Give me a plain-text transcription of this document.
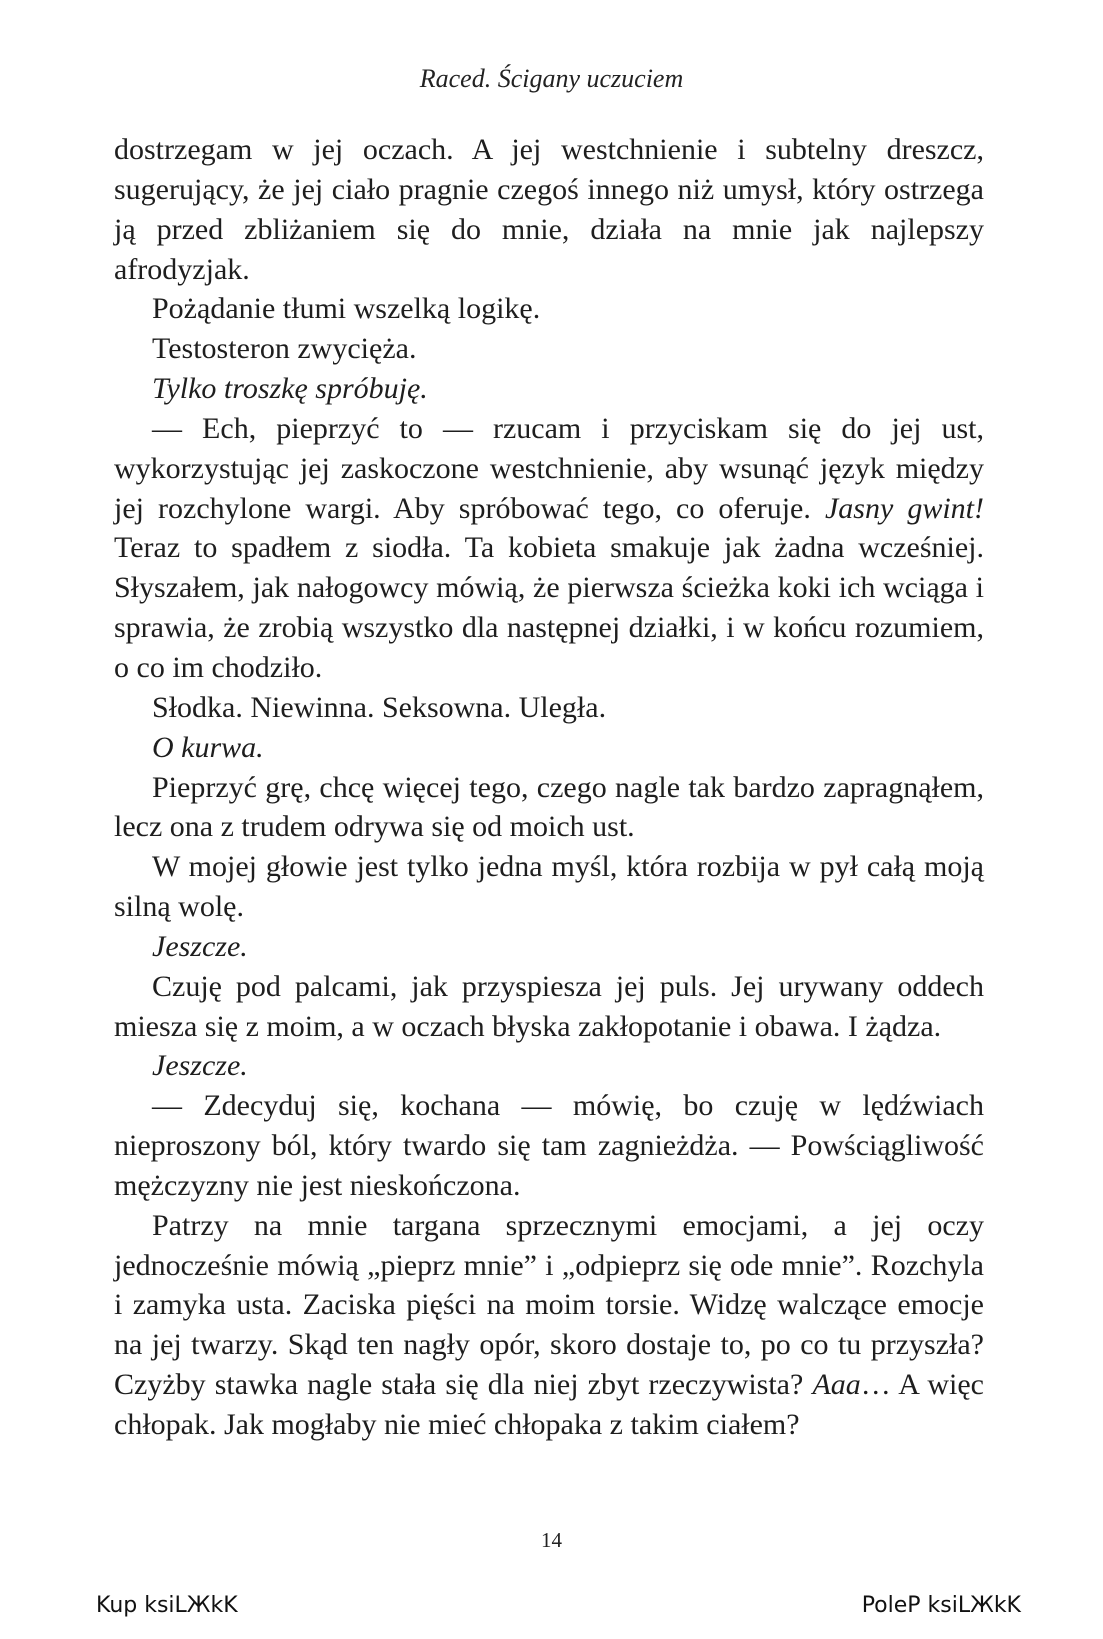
Raced. Ścigany uczuciem

dostrzegam w jej oczach. A jej westchnienie i subtelny dreszcz, sugerujący, że jej ciało pragnie czegoś innego niż umysł, który ostrzega ją przed zbliżaniem się do mnie, działa na mnie jak najlepszy afrodyzjak.

Pożądanie tłumi wszelką logikę.

Testosteron zwycięża.

Tylko troszkę spróbuję.

— Ech, pieprzyć to — rzucam i przyciskam się do jej ust, wykorzystując jej zaskoczone westchnienie, aby wsunąć język między jej rozchylone wargi. Aby spróbować tego, co oferuje. Jasny gwint! Teraz to spadłem z siodła. Ta kobieta smakuje jak żadna wcześniej. Słyszałem, jak nałogowcy mówią, że pierwsza ścieżka koki ich wciąga i sprawia, że zrobią wszystko dla następnej działki, i w końcu rozumiem, o co im chodziło.

Słodka. Niewinna. Seksowna. Uległa.

O kurwa.

Pieprzyć grę, chcę więcej tego, czego nagle tak bardzo zapragnąłem, lecz ona z trudem odrywa się od moich ust.

W mojej głowie jest tylko jedna myśl, która rozbija w pył całą moją silną wolę.

Jeszcze.

Czuję pod palcami, jak przyspiesza jej puls. Jej urywany oddech miesza się z moim, a w oczach błyska zakłopotanie i obawa. I żądza.

Jeszcze.

— Zdecyduj się, kochana — mówię, bo czuję w lędźwiach nieproszony ból, który twardo się tam zagnieżdża. — Powściągliwość mężczyzny nie jest nieskończona.

Patrzy na mnie targana sprzecznymi emocjami, a jej oczy jednocześnie mówią „pieprz mnie” i „odpieprz się ode mnie”. Rozchyla i zamyka usta. Zaciska pięści na moim torsie. Widzę walczące emocje na jej twarzy. Skąd ten nagły opór, skoro dostaje to, po co tu przyszła? Czyżby stawka nagle stała się dla niej zbyt rzeczywista? Aaa… A więc chłopak. Jak mogłaby nie mieć chłopaka z takim ciałem?

14
Kup ksiLЖkK	PoleP ksiLЖkK
